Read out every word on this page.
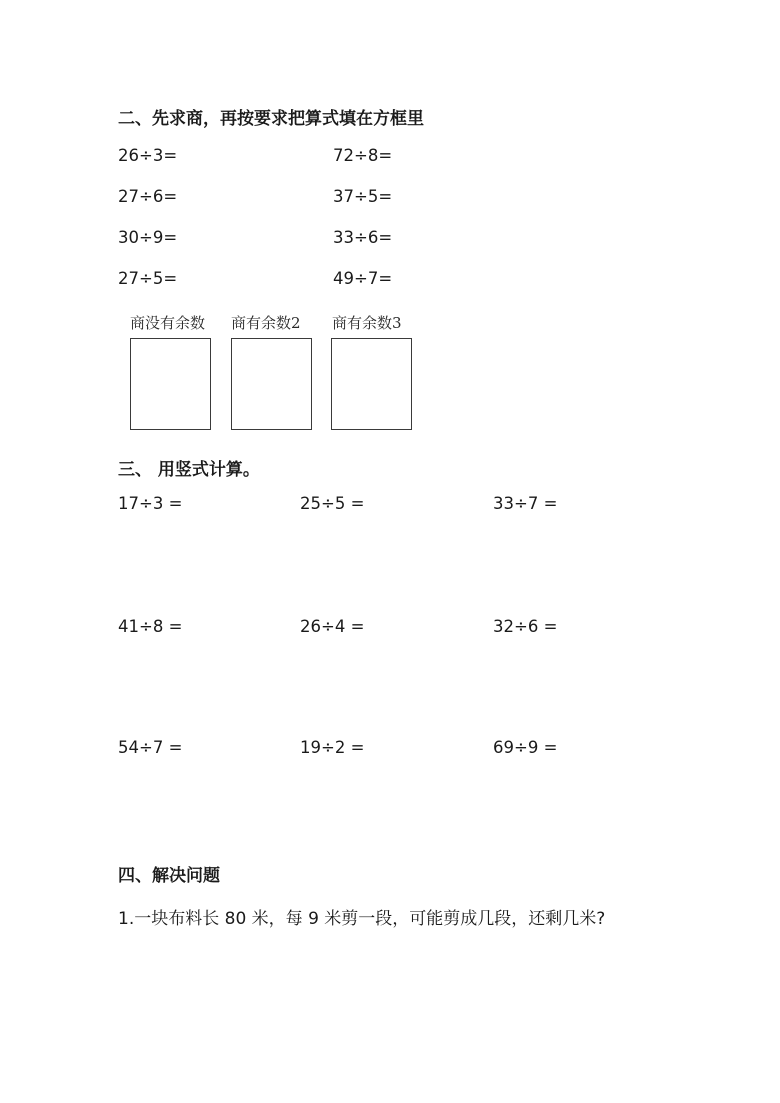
二、先求商，再按要求把算式填在方框里
26÷3=	72÷8=
27÷6=	37÷5=
30÷9=	33÷6=
27÷5=	49÷7=
商没有余数 商有余数2 商有余数3
三、 用竖式计算。
17÷3 =	25÷5 =	33÷7 =
41÷8 =	26÷4 =	32÷6 =
54÷7 =	19÷2 =	69÷9 =
四、解决问题
1.一块布料长 80 米，每 9 米剪一段，可能剪成几段，还剩几米?
